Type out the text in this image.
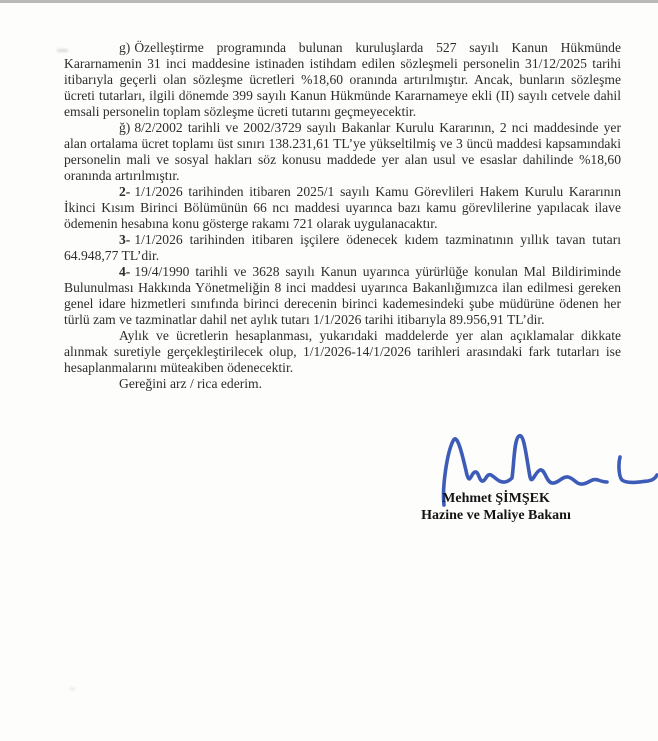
g) Özelleştirme programında bulunan kuruluşlarda 527 sayılı Kanun Hükmünde Kararnamenin 31 inci maddesine istinaden istihdam edilen sözleşmeli personelin 31/12/2025 tarihi itibarıyla geçerli olan sözleşme ücretleri %18,60 oranında artırılmıştır. Ancak, bunların sözleşme ücreti tutarları, ilgili dönemde 399 sayılı Kanun Hükmünde Kararnameye ekli (II) sayılı cetvele dahil emsali personelin toplam sözleşme ücreti tutarını geçmeyecektir.

ğ) 8/2/2002 tarihli ve 2002/3729 sayılı Bakanlar Kurulu Kararının, 2 nci maddesinde yer alan ortalama ücret toplamı üst sınırı 138.231,61 TL’ye yükseltilmiş ve 3 üncü maddesi kapsamındaki personelin mali ve sosyal hakları söz konusu maddede yer alan usul ve esaslar dahilinde %18,60 oranında artırılmıştır.

2- 1/1/2026 tarihinden itibaren 2025/1 sayılı Kamu Görevlileri Hakem Kurulu Kararının İkinci Kısım Birinci Bölümünün 66 ncı maddesi uyarınca bazı kamu görevlilerine yapılacak ilave ödemenin hesabına konu gösterge rakamı 721 olarak uygulanacaktır.

3- 1/1/2026 tarihinden itibaren işçilere ödenecek kıdem tazminatının yıllık tavan tutarı 64.948,77 TL’dir.

4- 19/4/1990 tarihli ve 3628 sayılı Kanun uyarınca yürürlüğe konulan Mal Bildiriminde Bulunulması Hakkında Yönetmeliğin 8 inci maddesi uyarınca Bakanlığımızca ilan edilmesi gereken genel idare hizmetleri sınıfında birinci derecenin birinci kademesindeki şube müdürüne ödenen her türlü zam ve tazminatlar dahil net aylık tutarı 1/1/2026 tarihi itibarıyla 89.956,91 TL’dir.

Aylık ve ücretlerin hesaplanması, yukarıdaki maddelerde yer alan açıklamalar dikkate alınmak suretiyle gerçekleştirilecek olup, 1/1/2026-14/1/2026 tarihleri arasındaki fark tutarları ise hesaplanmalarını müteakiben ödenecektir.

Gereğini arz / rica ederim.

Mehmet ŞİMŞEK
Hazine ve Maliye Bakanı
